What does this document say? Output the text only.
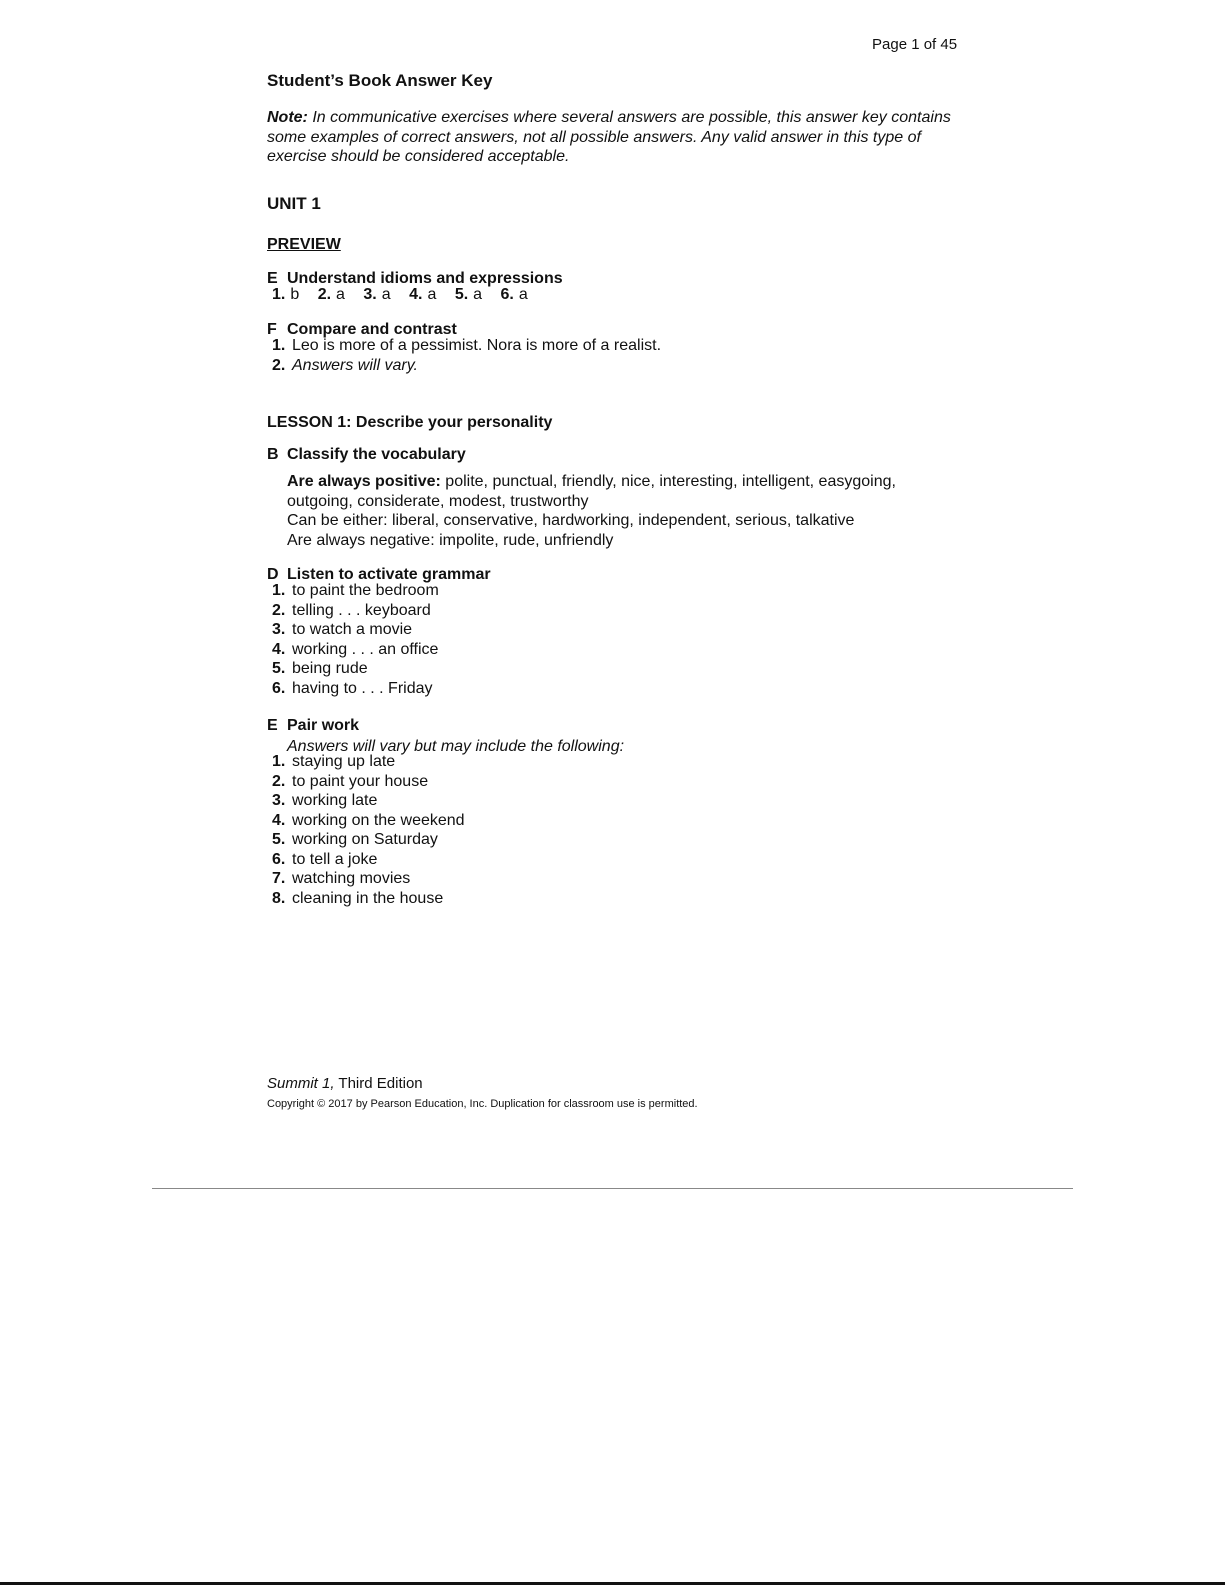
Page 1 of 45
Student’s Book Answer Key
Note: In communicative exercises where several answers are possible, this answer key contains some examples of correct answers, not all possible answers. Any valid answer in this type of exercise should be considered acceptable.
UNIT 1
PREVIEW
E Understand idioms and expressions
1. b 2. a 3. a 4. a 5. a 6. a
F Compare and contrast
1. Leo is more of a pessimist. Nora is more of a realist.
2. Answers will vary.
LESSON 1: Describe your personality
B Classify the vocabulary
Are always positive: polite, punctual, friendly, nice, interesting, intelligent, easygoing, outgoing, considerate, modest, trustworthy
Can be either: liberal, conservative, hardworking, independent, serious, talkative
Are always negative: impolite, rude, unfriendly
D Listen to activate grammar
1. to paint the bedroom
2. telling . . . keyboard
3. to watch a movie
4. working . . . an office
5. being rude
6. having to . . . Friday
E Pair work
Answers will vary but may include the following:
1. staying up late
2. to paint your house
3. working late
4. working on the weekend
5. working on Saturday
6. to tell a joke
7. watching movies
8. cleaning in the house
Summit 1, Third Edition
Copyright © 2017 by Pearson Education, Inc. Duplication for classroom use is permitted.
